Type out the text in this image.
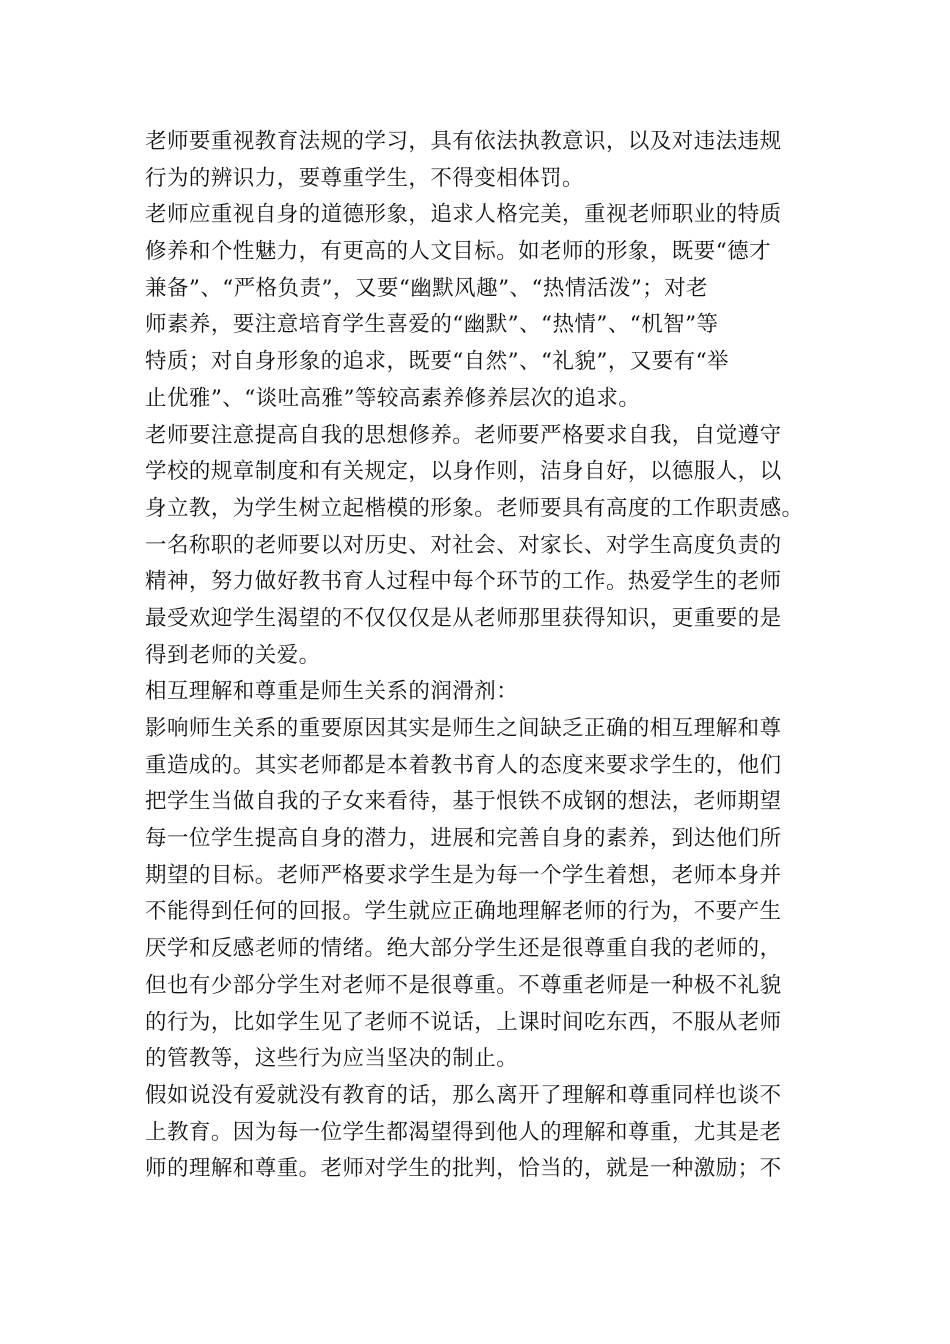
老师要重视教育法规的学习，具有依法执教意识，以及对违法违规
行为的辨识力，要尊重学生，不得变相体罚。
老师应重视自身的道德形象，追求人格完美，重视老师职业的特质
修养和个性魅力，有更高的人文目标。如老师的形象，既要“德才
兼备”、“严格负责”，又要“幽默风趣”、“热情活泼”；对老
师素养，要注意培育学生喜爱的“幽默”、“热情”、“机智”等
特质；对自身形象的追求，既要“自然”、“礼貌”，又要有“举
止优雅”、“谈吐高雅”等较高素养修养层次的追求。
老师要注意提高自我的思想修养。老师要严格要求自我，自觉遵守
学校的规章制度和有关规定，以身作则，洁身自好，以德服人，以
身立教，为学生树立起楷模的形象。老师要具有高度的工作职责感。
一名称职的老师要以对历史、对社会、对家长、对学生高度负责的
精神，努力做好教书育人过程中每个环节的工作。热爱学生的老师
最受欢迎学生渴望的不仅仅仅是从老师那里获得知识，更重要的是
得到老师的关爱。
相互理解和尊重是师生关系的润滑剂：
影响师生关系的重要原因其实是师生之间缺乏正确的相互理解和尊
重造成的。其实老师都是本着教书育人的态度来要求学生的，他们
把学生当做自我的子女来看待，基于恨铁不成钢的想法，老师期望
每一位学生提高自身的潜力，进展和完善自身的素养，到达他们所
期望的目标。老师严格要求学生是为每一个学生着想，老师本身并
不能得到任何的回报。学生就应正确地理解老师的行为，不要产生
厌学和反感老师的情绪。绝大部分学生还是很尊重自我的老师的，
但也有少部分学生对老师不是很尊重。不尊重老师是一种极不礼貌
的行为，比如学生见了老师不说话，上课时间吃东西，不服从老师
的管教等，这些行为应当坚决的制止。
假如说没有爱就没有教育的话，那么离开了理解和尊重同样也谈不
上教育。因为每一位学生都渴望得到他人的理解和尊重，尤其是老
师的理解和尊重。老师对学生的批判，恰当的，就是一种激励；不
